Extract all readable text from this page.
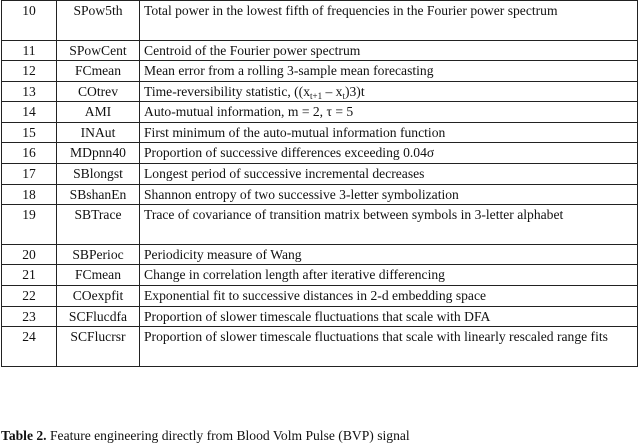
10	SPow5th	Total power in the lowest fifth of frequencies in the Fourier power spectrum
11	SPowCent	Centroid of the Fourier power spectrum
12	FCmean	Mean error from a rolling 3-sample mean forecasting
13	COtrev	Time-reversibility statistic, $((x_{t+1} - x_t)3)t$
14	AMI	Auto-mutual information, m = 2, τ = 5
15	INAut	First minimum of the auto-mutual information function
16	MDpnn40	Proportion of successive differences exceeding 0.04σ
17	SBlongst	Longest period of successive incremental decreases
18	SBshanEn	Shannon entropy of two successive 3-letter symbolization
19	SBTrace	Trace of covariance of transition matrix between symbols in 3-letter alphabet
20	SBPerioc	Periodicity measure of Wang
21	FCmean	Change in correlation length after iterative differencing
22	COexpfit	Exponential fit to successive distances in 2-d embedding space
23	SCFlucdfa	Proportion of slower timescale fluctuations that scale with DFA
24	SCFlucrsr	Proportion of slower timescale fluctuations that scale with linearly rescaled range fits
Table 2. Feature engineering directly from Blood Volm Pulse (BVP) signal
